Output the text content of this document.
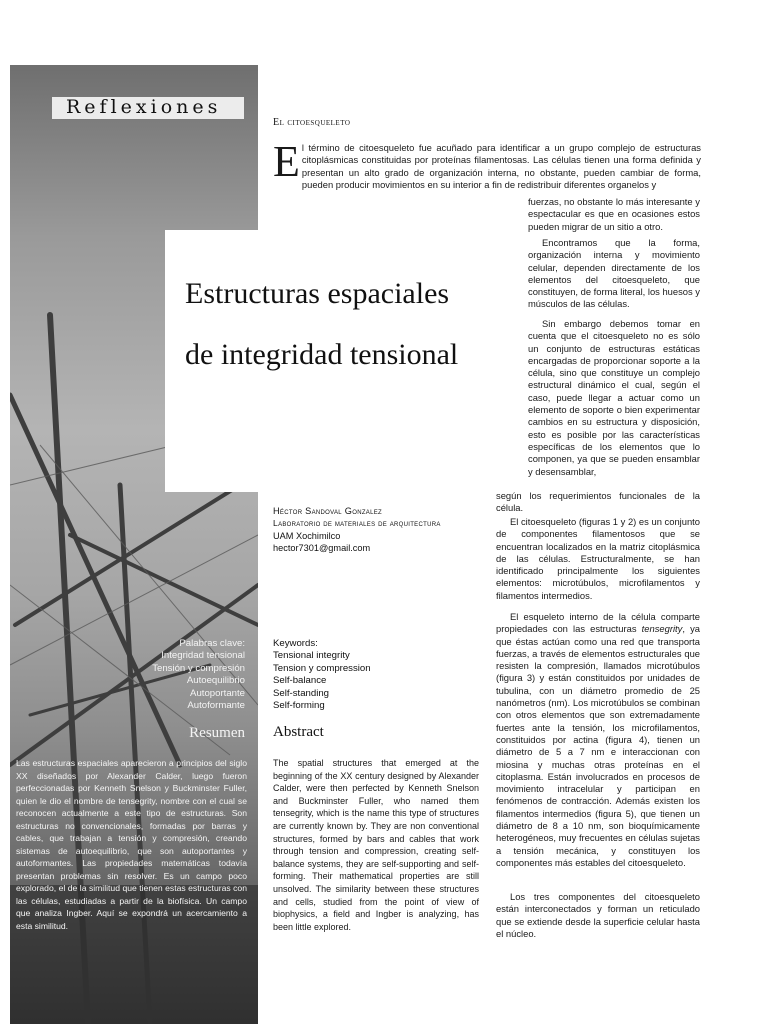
Reflexiones
Estructuras espaciales
de integridad tensional
El citoesqueleto

El término de citoesqueleto fue acuñado para identificar a un grupo complejo de estructuras citoplásmicas constituidas por proteínas filamentosas. Las células tienen una forma definida y presentan un alto grado de organización interna, no obstante, pueden cambiar de forma, pueden producir movimientos en su interior a fin de redistribuir diferentes organelos y

fuerzas, no obstante lo más interesante y espectacular es que en ocasiones estos pueden migrar de un sitio a otro.

Encontramos que la forma, organización interna y movimiento celular, dependen directamente de los elementos del citoesqueleto, que constituyen, de forma literal, los huesos y músculos de las células.

Sin embargo debemos tomar en cuenta que el citoesqueleto no es sólo un conjunto de estructuras estáticas encargadas de proporcionar soporte a la célula, sino que constituye un complejo estructural dinámico el cual, según el caso, puede llegar a actuar como un elemento de soporte o bien experimentar cambios en su estructura y disposición, esto es posible por las características específicas de los elementos que lo componen, ya que se pueden ensamblar y desensamblar,

según los requerimientos funcionales de la célula.

El citoesqueleto (figuras 1 y 2) es un conjunto de componentes filamentosos que se encuentran localizados en la matriz citoplásmica de las células. Estructuralmente, se han identificado principalmente los siguientes elementos: microtúbulos, microfilamentos y filamentos intermedios.

El esqueleto interno de la célula comparte propiedades con las estructuras tensegrity, ya que éstas actúan como una red que transporta fuerzas, a través de elementos estructurales que resisten la compresión, llamados microtúbulos (figura 3) y están constituidos por unidades de tubulina, con un diámetro promedio de 25 nanómetros (nm). Los microtúbulos se combinan con otros elementos que son extremadamente fuertes ante la tensión, los microfilamentos, constituidos por actina (figura 4), tienen un diámetro de 5 a 7 nm e interaccionan con miosina y muchas otras proteínas en el citoplasma. Están involucrados en procesos de movimiento intracelular y participan en fenómenos de contracción. Además existen los filamentos intermedios (figura 5), que tienen un diámetro de 8 a 10 nm, son bioquímicamente heterogéneos, muy frecuentes en células sujetas a tensión mecánica, y constituyen los componentes más estables del citoesqueleto.

Los tres componentes del citoesqueleto están interconectados y forman un reticulado que se extiende desde la superficie celular hasta el núcleo.

Héctor Sandoval Gonzalez
Laboratorio de materiales de arquitectura
UAM Xochimilco
hector7301@gmail.com
Palabras clave:
Integridad tensional
Tensión y compresión
Autoequilibrio
Autoportante
Autoformante
Resumen

Las estructuras espaciales aparecieron a principios del siglo XX diseñados por Alexander Calder, luego fueron perfeccionadas por Kenneth Snelson y Buckminster Fuller, quien le dio el nombre de tensegrity, nombre con el cual se reconocen actualmente a este tipo de estructuras. Son estructuras no convencionales, formadas por barras y cables, que trabajan a tensión y compresión, creando sistemas de autoequilibrio, que son autoportantes y autoformantes. Las propiedades matemáticas todavía presentan problemas sin resolver. Es un campo poco explorado, el de la similitud que tienen estas estructuras con las células, estudiadas a partir de la biofísica. Un campo que analiza Ingber. Aquí se expondrá un acercamiento a esta similitud.

Keywords:
Tensional integrity
Tension y compression
Self-balance
Self-standing
Self-forming
Abstract

The spatial structures that emerged at the beginning of the XX century designed by Alexander Calder, were then perfected by Kenneth Snelson and Buckminster Fuller, who named them tensegrity, which is the name this type of structures are currently known by. They are non conventional structures, formed by bars and cables that work through tension and compression, creating self-balance systems, they are self-supporting and self-forming. Their mathematical properties are still unsolved. The similarity between these structures and cells, studied from the point of view of biophysics, a field and Ingber is analyzing, has been little explored.
